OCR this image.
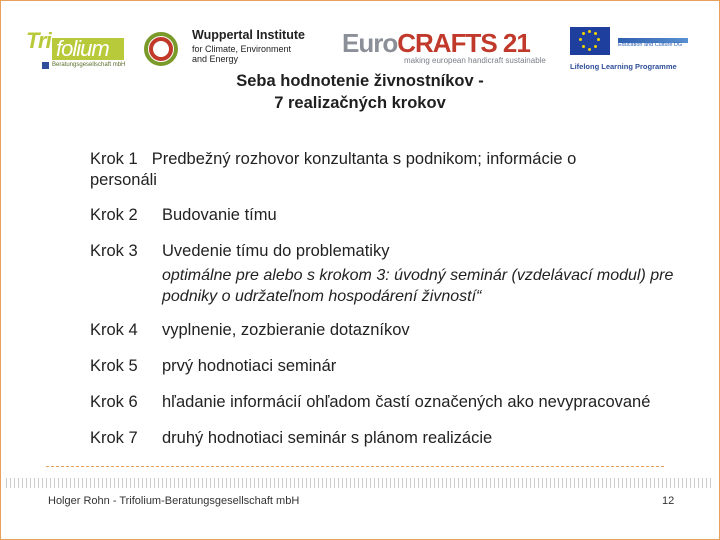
Tri folium
Beratungsgesellschaft mbH
Wuppertal Institute
for Climate, Environment
and Energy
EuroCRAFTS 21
making european handicraft sustainable
Education and Culture DG
Lifelong Learning Programme
Seba hodnotenie živnostníkov -
7 realizačných krokov
Krok 1 Predbežný rozhovor konzultanta s podnikom; informácie o
personáli
Krok 2 Budovanie tímu
Krok 3 Uvedenie tímu do problematiky
optimálne pre alebo s krokom 3: úvodný seminár (vzdelávací modul) pre podniky o udržateľnom hospodárení živností“
Krok 4 vyplnenie, zozbieranie dotazníkov
Krok 5 prvý hodnotiaci seminár
Krok 6 hľadanie informácií ohľadom častí označených ako nevypracované
Krok 7 druhý hodnotiaci seminár s plánom realizácie
Holger Rohn - Trifolium-Beratungsgesellschaft mbH	12
